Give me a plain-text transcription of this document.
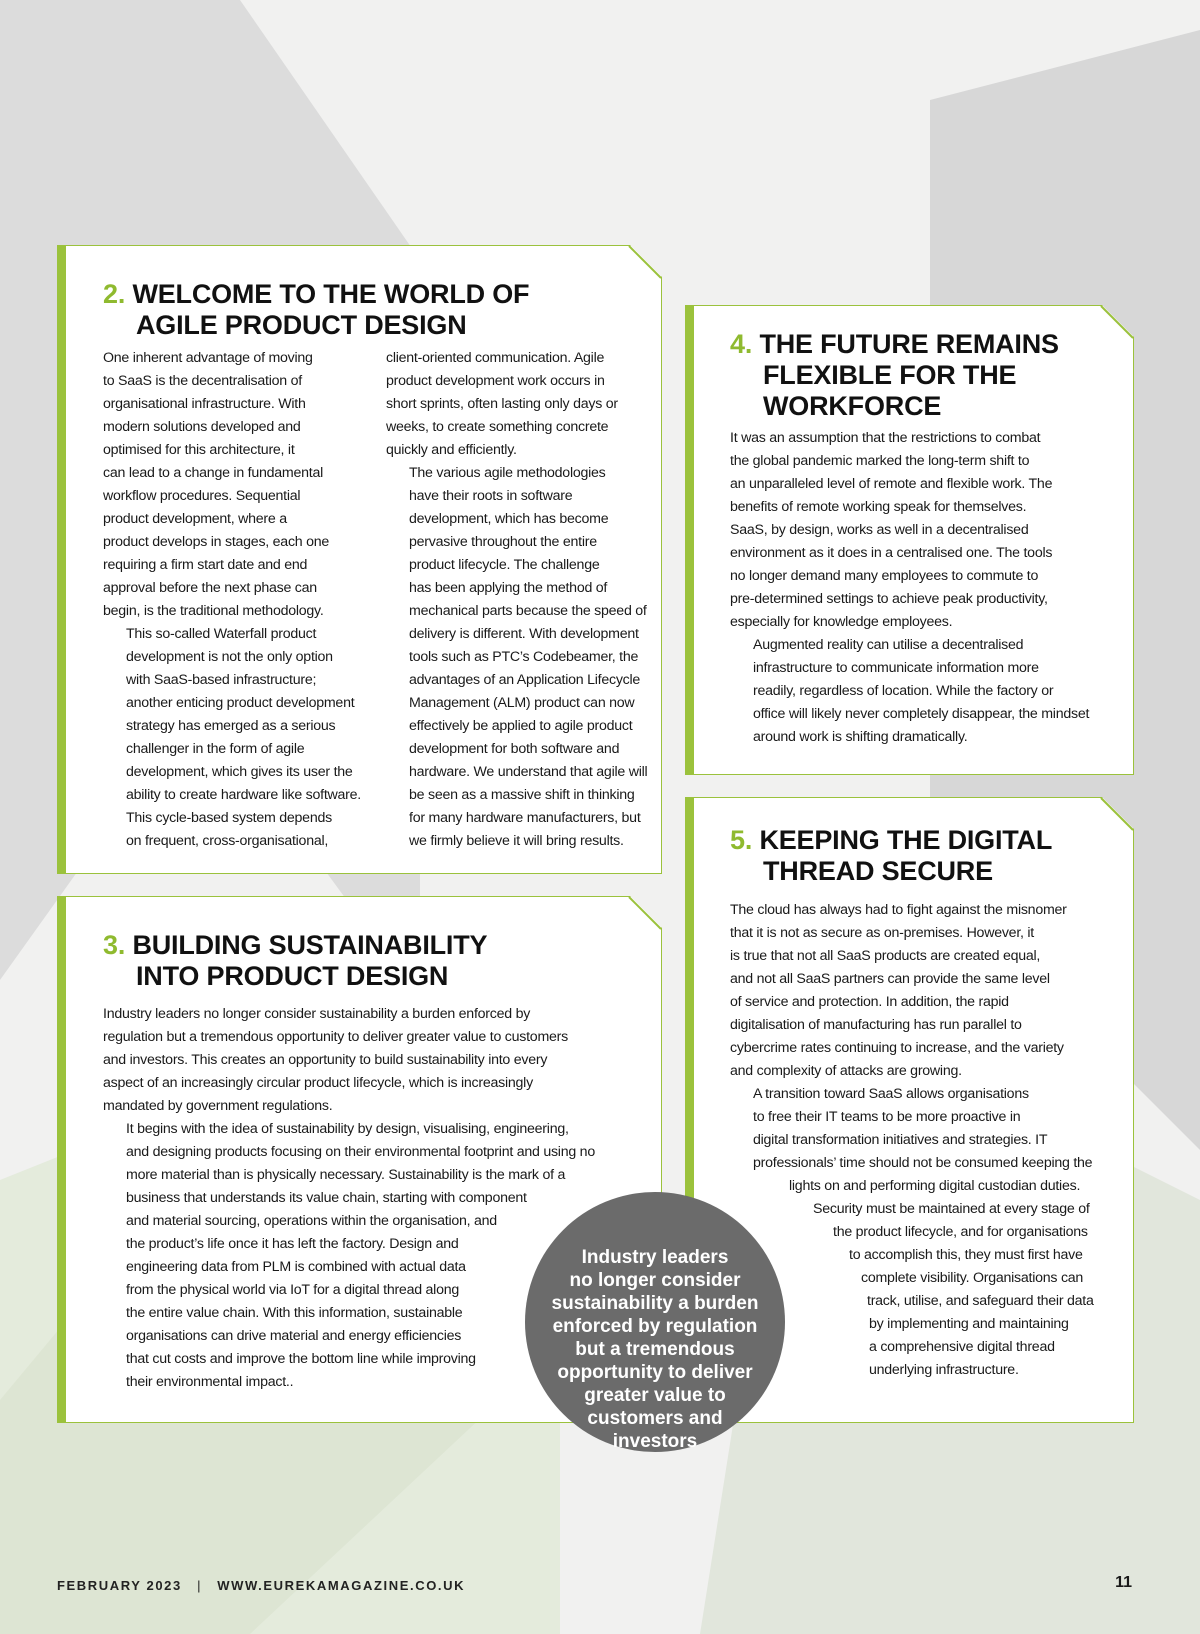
2. WELCOME TO THE WORLD OF
AGILE PRODUCT DESIGN

One inherent advantage of moving
to SaaS is the decentralisation of
organisational infrastructure. With
modern solutions developed and
optimised for this architecture, it
can lead to a change in fundamental
workflow procedures. Sequential
product development, where a
product develops in stages, each one
requiring a firm start date and end
approval before the next phase can
begin, is the traditional methodology.

This so-called Waterfall product
development is not the only option
with SaaS-based infrastructure;
another enticing product development
strategy has emerged as a serious
challenger in the form of agile
development, which gives its user the
ability to create hardware like software.
This cycle-based system depends
on frequent, cross-organisational,

client-oriented communication. Agile
product development work occurs in
short sprints, often lasting only days or
weeks, to create something concrete
quickly and efficiently.

The various agile methodologies
have their roots in software
development, which has become
pervasive throughout the entire
product lifecycle. The challenge
has been applying the method of
mechanical parts because the speed of
delivery is different. With development
tools such as PTC’s Codebeamer, the
advantages of an Application Lifecycle
Management (ALM) product can now
effectively be applied to agile product
development for both software and
hardware. We understand that agile will
be seen as a massive shift in thinking
for many hardware manufacturers, but
we firmly believe it will bring results.

3. BUILDING SUSTAINABILITY
INTO PRODUCT DESIGN

Industry leaders no longer consider sustainability a burden enforced by
regulation but a tremendous opportunity to deliver greater value to customers
and investors. This creates an opportunity to build sustainability into every
aspect of an increasingly circular product lifecycle, which is increasingly
mandated by government regulations.

It begins with the idea of sustainability by design, visualising, engineering,
and designing products focusing on their environmental footprint and using no
more material than is physically necessary. Sustainability is the mark of a
business that understands its value chain, starting with component
and material sourcing, operations within the organisation, and
the product’s life once it has left the factory. Design and
engineering data from PLM is combined with actual data
from the physical world via IoT for a digital thread along
the entire value chain. With this information, sustainable
organisations can drive material and energy efficiencies
that cut costs and improve the bottom line while improving
their environmental impact..

4. THE FUTURE REMAINS
FLEXIBLE FOR THE
WORKFORCE

It was an assumption that the restrictions to combat
the global pandemic marked the long-term shift to
an unparalleled level of remote and flexible work. The
benefits of remote working speak for themselves.
SaaS, by design, works as well in a decentralised
environment as it does in a centralised one. The tools
no longer demand many employees to commute to
pre-determined settings to achieve peak productivity,
especially for knowledge employees.

Augmented reality can utilise a decentralised
infrastructure to communicate information more
readily, regardless of location. While the factory or
office will likely never completely disappear, the mindset
around work is shifting dramatically.

5. KEEPING THE DIGITAL
THREAD SECURE

The cloud has always had to fight against the misnomer
that it is not as secure as on-premises. However, it
is true that not all SaaS products are created equal,
and not all SaaS partners can provide the same level
of service and protection. In addition, the rapid
digitalisation of manufacturing has run parallel to
cybercrime rates continuing to increase, and the variety
and complexity of attacks are growing.

A transition toward SaaS allows organisations
to free their IT teams to be more proactive in
digital transformation initiatives and strategies. IT
professionals’ time should not be consumed keeping the
lights on and performing digital custodian duties.
Security must be maintained at every stage of
the product lifecycle, and for organisations
to accomplish this, they must first have
complete visibility. Organisations can
track, utilise, and safeguard their data
by implementing and maintaining
a comprehensive digital thread
underlying infrastructure.

Industry leaders
no longer consider
sustainability a burden
enforced by regulation
but a tremendous
opportunity to deliver
greater value to
customers and
investors
FEBRUARY 2023 | WWW.EUREKAMAGAZINE.CO.UK	11
